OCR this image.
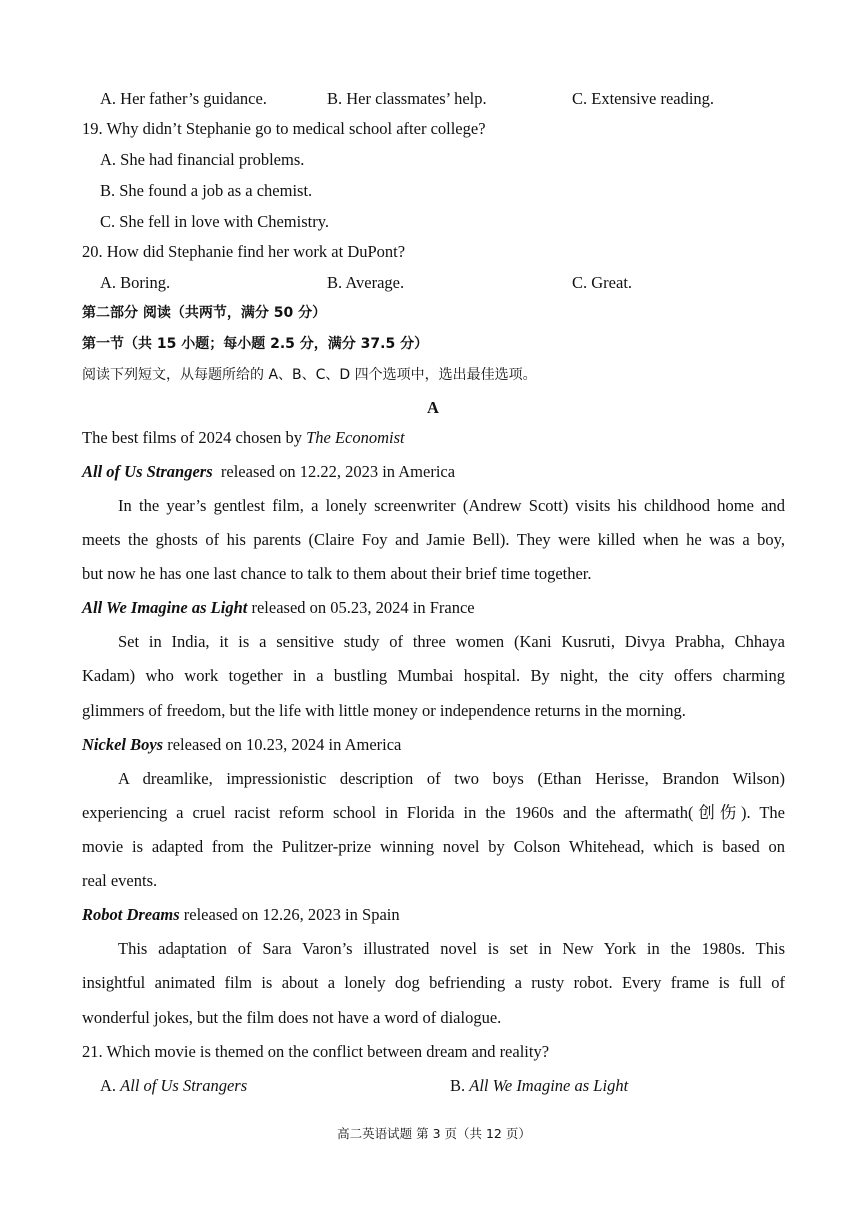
A. Her father’s guidance.	B. Her classmates’ help.	C. Extensive reading.
19. Why didn’t Stephanie go to medical school after college?
A. She had financial problems.
B. She found a job as a chemist.
C. She fell in love with Chemistry.
20. How did Stephanie find her work at DuPont?
A. Boring.	B. Average.	C. Great.
第二部分 阅读（共两节，满分 50 分）
第一节（共 15 小题；每小题 2.5 分，满分 37.5 分）
阅读下列短文，从每题所给的 A、B、C、D 四个选项中，选出最佳选项。
A
The best films of 2024 chosen by The Economist
All of Us Strangers  released on 12.22, 2023 in America
In the year’s gentlest film, a lonely screenwriter (Andrew Scott) visits his childhood home and
meets the ghosts of his parents (Claire Foy and Jamie Bell). They were killed when he was a boy,
but now he has one last chance to talk to them about their brief time together.
All We Imagine as Light released on 05.23, 2024 in France
Set in India, it is a sensitive study of three women (Kani Kusruti, Divya Prabha, Chhaya
Kadam) who work together in a bustling Mumbai hospital. By night, the city offers charming
glimmers of freedom, but the life with little money or independence returns in the morning.
Nickel Boys released on 10.23, 2024 in America
A dreamlike, impressionistic description of two boys (Ethan Herisse, Brandon Wilson)
experiencing a cruel racist reform school in Florida in the 1960s and the aftermath(创伤). The
movie is adapted from the Pulitzer-prize winning novel by Colson Whitehead, which is based on
real events.
Robot Dreams released on 12.26, 2023 in Spain
This adaptation of Sara Varon’s illustrated novel is set in New York in the 1980s. This
insightful animated film is about a lonely dog befriending a rusty robot. Every frame is full of
wonderful jokes, but the film does not have a word of dialogue.
21. Which movie is themed on the conflict between dream and reality?
A. All of Us Strangers	B. All We Imagine as Light
高二英语试题 第 3 页（共 12 页）
